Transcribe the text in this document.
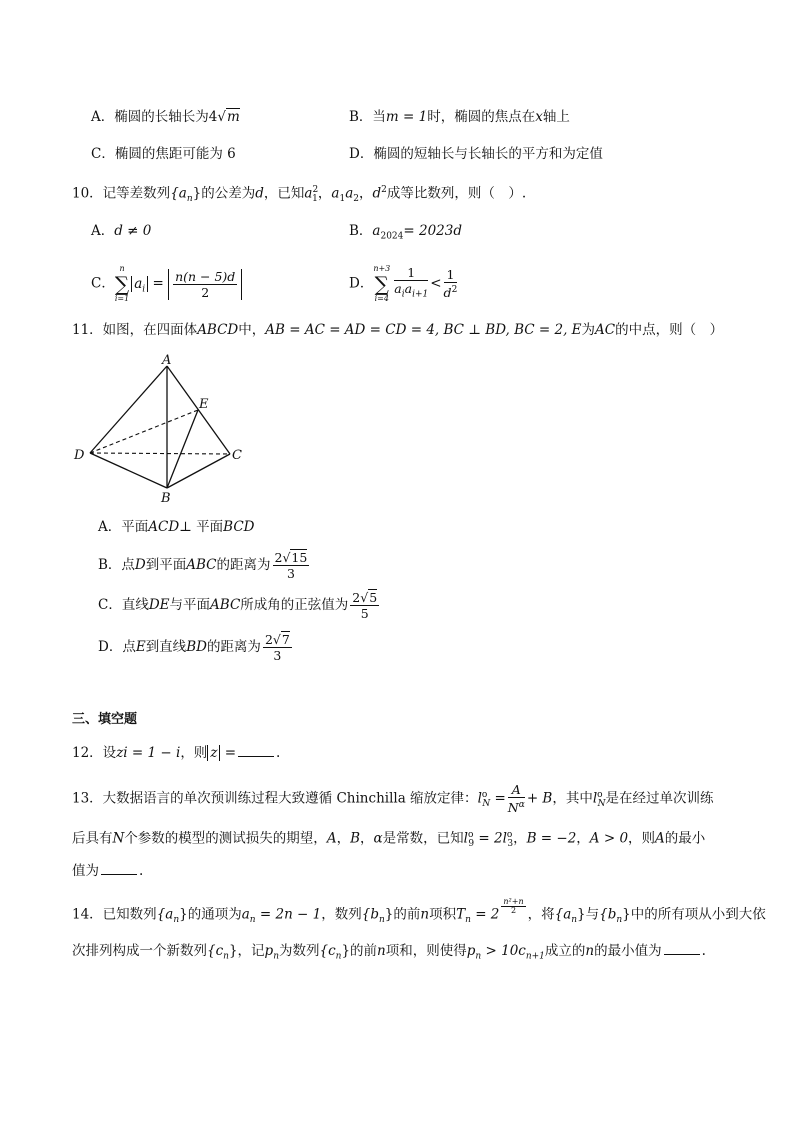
A．椭圆的长轴长为4√m	B．当m = 1时，椭圆的焦点在x轴上
C．椭圆的焦距可能为 6	D．椭圆的短轴长与长轴长的平方和为定值
10．记等差数列$\{a_n\}$的公差为d，已知$a^2_1$，$a_1a_2$，$d^2$成等比数列，则（　）.
A．d ≠ 0	B．$a_{2024}= 2023d$
C．
n
∑
i=1
$a_i = \frac{n(n - 5)d}{2}$	D．
n+3
∑
$i=4 \frac{1}{a_ia_{i+1}} < \frac{1}{d^2}$
11．如图，在四面体ABCD中，AB = AC = AD = CD = 4, BC ⊥ BD, BC = 2, E为AC的中点，则（　）
A
E
D	C
B
A．平面ACD⊥ 平面BCD
B．点D到平面ABC的距离为 $\frac{2√15}{3}$
C．直线DE与平面ABC所成角的正弦值为 $\frac{2√5}{5}$
D．点E到直线BD的距离为 $\frac{2√7}{3}$
三、填空题
12．设zi = 1 − i，则 z =	.
13．大数据语言的单次预训练过程大致遵循 Chinchilla 缩放定律：$l^o_N = \frac{A}{N^\alpha} + B$，其中$l^o_N$是在经过单次训练
后具有N个参数的模型的测试损失的期望，A，B，α是常数，已知$l^o_9 = 2l^o_3$，B = −2，A > 0，则A的最小
值为	.
14．已知数列$\{a_n\}$的通项为$a_n = 2n - 1$，数列$\{b_n\}$的前n项积$T_n = 2$ $^{\frac{\text{n²+n}}{2}}$ ，将$\{a_n\}$与$\{b_n\}$中的所有项从小到大依
次排列构成一个新数列$\{c_n\}$，记$p_n$为数列$\{c_n\}$的前n项和，则使得$p_n > 10c_{n+1}$成立的n的最小值为	.
